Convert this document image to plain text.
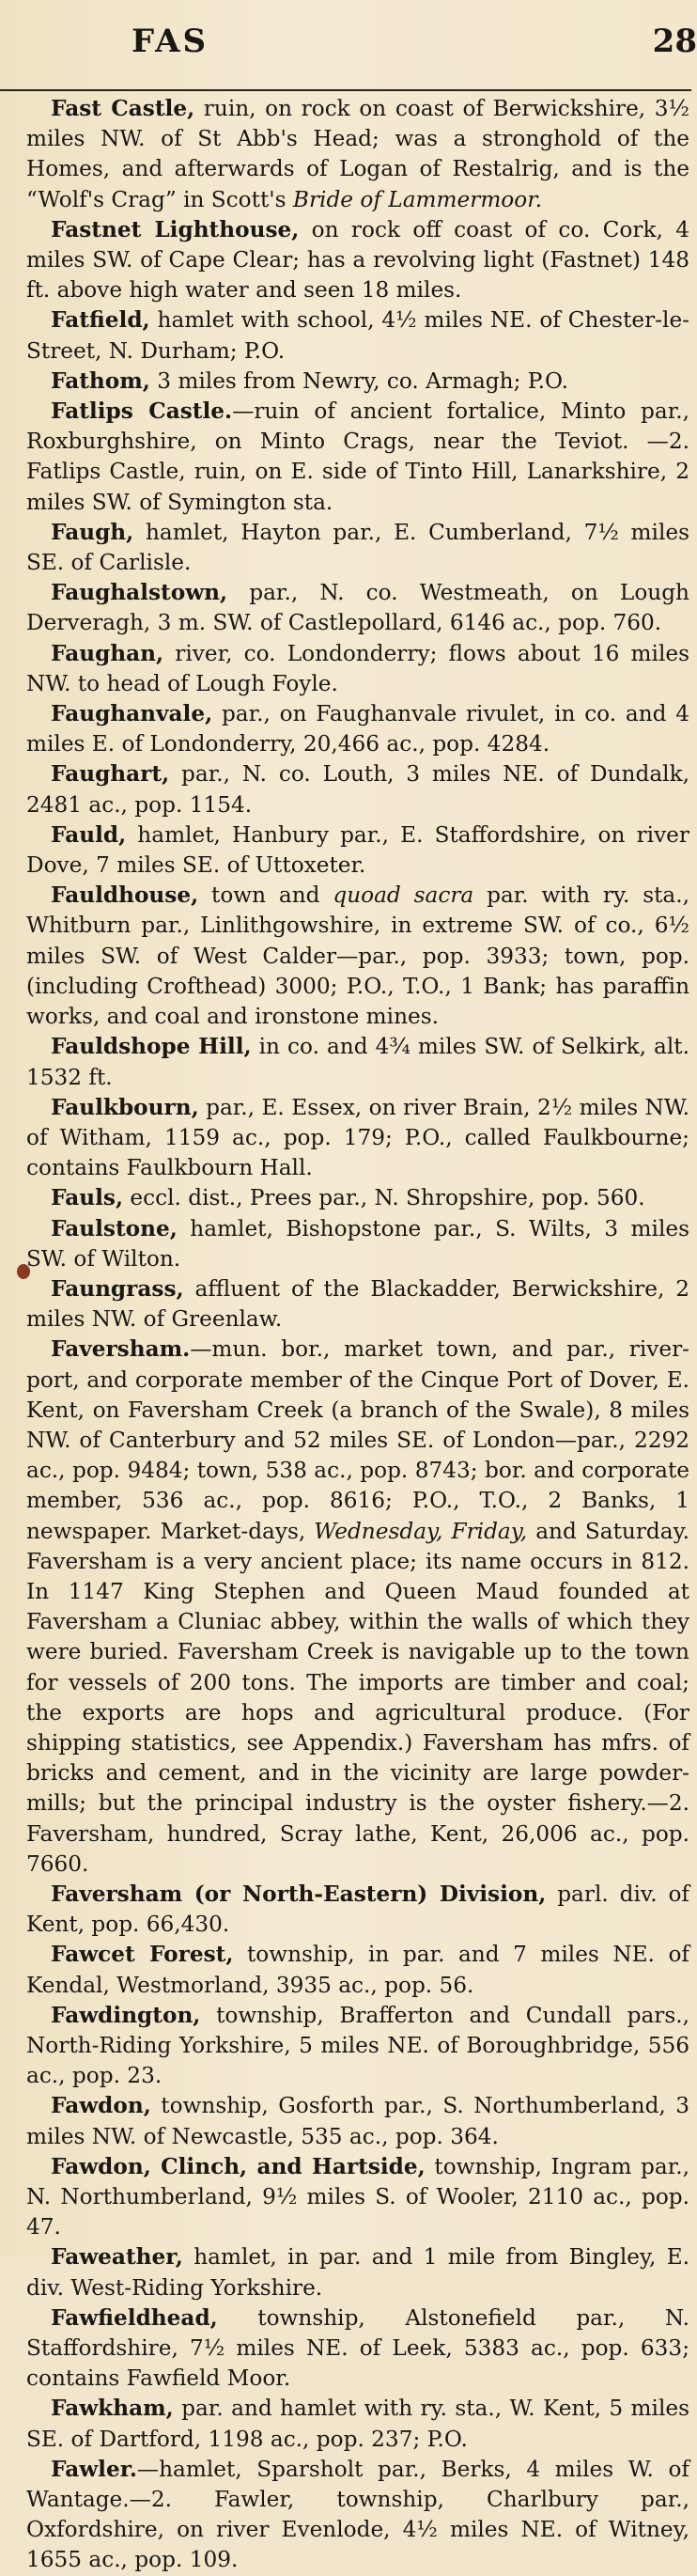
FAS	28

Fast Castle, ruin, on rock on coast of Berwickshire, 3½ miles NW. of St Abb's Head; was a stronghold of the Homes, and afterwards of Logan of Restalrig, and is the “Wolf's Crag” in Scott's Bride of Lammermoor.

Fastnet Lighthouse, on rock off coast of co. Cork, 4 miles SW. of Cape Clear; has a revolving light (Fastnet) 148 ft. above high water and seen 18 miles.

Fatfield, hamlet with school, 4½ miles NE. of Chester-le-Street, N. Durham; P.O.

Fathom, 3 miles from Newry, co. Armagh; P.O.

Fatlips Castle.—ruin of ancient fortalice, Minto par., Roxburghshire, on Minto Crags, near the Teviot. —2. Fatlips Castle, ruin, on E. side of Tinto Hill, Lanarkshire, 2 miles SW. of Symington sta.

Faugh, hamlet, Hayton par., E. Cumberland, 7½ miles SE. of Carlisle.

Faughalstown, par., N. co. Westmeath, on Lough Derveragh, 3 m. SW. of Castlepollard, 6146 ac., pop. 760.

Faughan, river, co. Londonderry; flows about 16 miles NW. to head of Lough Foyle.

Faughanvale, par., on Faughanvale rivulet, in co. and 4 miles E. of Londonderry, 20,466 ac., pop. 4284.

Faughart, par., N. co. Louth, 3 miles NE. of Dundalk, 2481 ac., pop. 1154.

Fauld, hamlet, Hanbury par., E. Staffordshire, on river Dove, 7 miles SE. of Uttoxeter.

Fauldhouse, town and quoad sacra par. with ry. sta., Whitburn par., Linlithgowshire, in extreme SW. of co., 6½ miles SW. of West Calder—par., pop. 3933; town, pop. (including Crofthead) 3000; P.O., T.O., 1 Bank; has paraffin works, and coal and ironstone mines.

Fauldshope Hill, in co. and 4¾ miles SW. of Selkirk, alt. 1532 ft.

Faulkbourn, par., E. Essex, on river Brain, 2½ miles NW. of Witham, 1159 ac., pop. 179; P.O., called Faulkbourne; contains Faulkbourn Hall.

Fauls, eccl. dist., Prees par., N. Shropshire, pop. 560.

Faulstone, hamlet, Bishopstone par., S. Wilts, 3 miles SW. of Wilton.

Faungrass, affluent of the Blackadder, Berwickshire, 2 miles NW. of Greenlaw.

Faversham.—mun. bor., market town, and par., river-port, and corporate member of the Cinque Port of Dover, E. Kent, on Faversham Creek (a branch of the Swale), 8 miles NW. of Canterbury and 52 miles SE. of London—par., 2292 ac., pop. 9484; town, 538 ac., pop. 8743; bor. and corporate member, 536 ac., pop. 8616; P.O., T.O., 2 Banks, 1 newspaper. Market-days, Wednesday, Friday, and Saturday. Faversham is a very ancient place; its name occurs in 812. In 1147 King Stephen and Queen Maud founded at Faversham a Cluniac abbey, within the walls of which they were buried. Faversham Creek is navigable up to the town for vessels of 200 tons. The imports are timber and coal; the exports are hops and agricultural produce. (For shipping statistics, see Appendix.) Faversham has mfrs. of bricks and cement, and in the vicinity are large powder-mills; but the principal industry is the oyster fishery.—2. Faversham, hundred, Scray lathe, Kent, 26,006 ac., pop. 7660.

Faversham (or North-Eastern) Division, parl. div. of Kent, pop. 66,430.

Fawcet Forest, township, in par. and 7 miles NE. of Kendal, Westmorland, 3935 ac., pop. 56.

Fawdington, township, Brafferton and Cundall pars., North-Riding Yorkshire, 5 miles NE. of Boroughbridge, 556 ac., pop. 23.

Fawdon, township, Gosforth par., S. Northumberland, 3 miles NW. of Newcastle, 535 ac., pop. 364.

Fawdon, Clinch, and Hartside, township, Ingram par., N. Northumberland, 9½ miles S. of Wooler, 2110 ac., pop. 47.

Faweather, hamlet, in par. and 1 mile from Bingley, E. div. West-Riding Yorkshire.

Fawfieldhead, township, Alstonefield par., N. Staffordshire, 7½ miles NE. of Leek, 5383 ac., pop. 633; contains Fawfield Moor.

Fawkham, par. and hamlet with ry. sta., W. Kent, 5 miles SE. of Dartford, 1198 ac., pop. 237; P.O.

Fawler.—hamlet, Sparsholt par., Berks, 4 miles W. of Wantage.—2. Fawler, township, Charlbury par., Oxfordshire, on river Evenlode, 4½ miles NE. of Witney, 1655 ac., pop. 109.
